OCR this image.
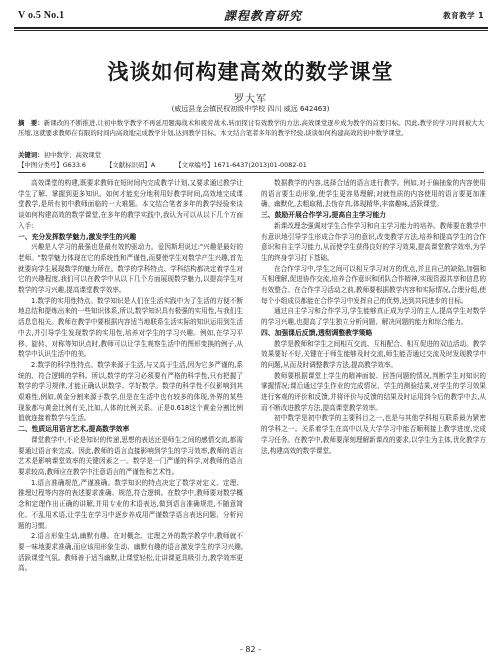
V o.5 No.1	課程教育研究	教育教学 1
浅谈如何构建高效的数学课堂
罗大军
(威远县龙会镇民权初级中学校 四川 威远 642463)
摘　要：新课改的不断推进,让初中数学教学不再延用题海战术和疲劳战术,转而探讨有效教学的方法,高效课堂逐步成为教学的首要目标。因此,教学的学习时间被大大压缩,这就要求教师在有限的时间内高效地完成教学计划,达到教学目标。本文结合笔者多年的教学经验,谈谈如何构建高效的初中数学课堂。
关键词：初中数学；高效课堂
【中图分类号】G633.6	【文献标识码】A	【文章编号】1671-6437(2013)01-0082-01

高效课堂的构建,既要求教师在短时间内完成教学计划,又要求通过教学让学生了解、掌握到更多知识。如何才能充分地利用好教学时间,高效地完成课堂教学,是所有初中教师面临的一大难题。本文结合笔者多年的教学经验来谈谈如何构建高效的数学课堂,在多年的教学实践中,我认为可以从以下几个方面入手:

一、充分发挥数学魅力,激发学生的兴趣

兴趣是人学习的最强也是最有效的驱动力。爱因斯坦说过:"兴趣是最好的老师。"数学魅力体现在它的系统性和严谨性,而要使学生对数学产生兴趣,首先就要向学生展现数学的魅力所在。数学的学科特点、学科结构都决定着学生对它的兴趣程度,我们可以在教学中从以下几个方面展现数学魅力,以提高学生对数学的学习兴趣,提高课堂教学效率。

1.数学的实用性特点。数学知识是人们在生活实践中为了生活的方便不断地总结和提炼出来的一些知识体系,所以,数学知识具有极强的实用性,与我们生活息息相关。教师在教学中要根据内容适当地联系生活实际的知识运用到生活中去,并引导学生发现数学的实用性,培养对学生的学习兴趣。例如,在学习平移、旋转、对称等知识点时,教师可以让学生观察生活中的图形变换的例子,从数学中认识生活中的美。

2.数学的科学性特点。数学来源于生活,与又高于生活,因为它多严谨的,系统的、符合逻辑的学科。所以,数学的学习必须要有严格的科学性,只有把握了数学的学习规律,才能正确认识数学、学好数学。数学的科学性不仅影响到其艰难性,例如,黄金分割来源于数学,但是在生活中也有较多的体现,外界的某些现象都与黄金比例有关,比如,人体的比例关系。正是0.618这个黄金分割比例值就连接着数学与生活。

二、性质运用语言艺术,提高数学效率

课堂教学中,不论是知识的传递,思想的表达还是师生之间的感情交流,都需要通过语言来完成。因此,教师的语言直接影响到学生的学习效率,教师的语言艺术是影响课堂效率的关键因素之一。数学是一门严谨的科学,对教师的语言要求较高,教师应在教学中注意语言的严谨性和艺术性。

1.语言准确规范,严谨准确。数学知识的特点决定了数学对定义、定理、推理过程等内容的表述要求准确、规范,符合逻辑。在数学中,教师要对数学概念和定理作出正确的讲解,并用专业的术语表达,做到语言准确规范,不随意简化、不乱用术语,让学生在学习中逐步养成用严谨数学语言表达问题、分析问题的习惯。

2.语言形象生动,幽默有趣。在对概念、定理之外的数学教学中,教师就不要一味地要求准确,而应该用形象生动、幽默有趣的语言激发学生的学习兴趣,活跃课堂气氛。教师善于适当幽默,让课堂轻松,让讲课更具吸引力,教学效率更高。

数据教学的内容,选择合适的语言进行教学。例如,对于偏抽象的内容使用的语言要生动形象,使学生更容易理解;对就性质的内容使用的语言要更加准确、幽默化,去粗取精,去伪存真,体现精华,丰富趣味,活跃课堂。

三、鼓励开展合作学习,提高自主学习能力

新课改理念强调对学生合作学习和自主学习能力的培养。教师要在教学中有意识地引导学生形成合作学习的意识,改变教学方法,培养和提高学生的合作意识和自主学习能力,从而使学生获得良好的学习效果,提高课堂教学效率,为学生的终身学习打下基础。

在合作学习中,学生之间可以相互学习对方的优点,并且自己的缺陷,加强和互相理解,促进协作交流,培养合作意识和团队合作精神,实现资源共享和信息的有效整合。在合作学习活动之前,教师要根据教学内容和实际情况,合理分组,使每个小组成员都能在合作学习中发挥自己的优势,达到共同进步的目标。

通过自主学习和合作学习,学生能够真正成为学习的主人,提高学生对数学的学习兴趣,也提高了学生独立分析问题、解决问题的能力和综合能力。

四、加强课后反馈,透彻调整教学策略

教学是教师和学生之间相互交流、互相配合、相互促进的双边活动。教学效果要好不好,关键在于师生能够及时交流,师生能否通过交流及时发现教学中的问题,从而及时调整教学方法,提高教学效率。

教师要根据课堂上学生的精神面貌、回答问题的情况,判断学生对知识的掌握情况;课后通过学生作业的完成情况、学生的测验结果,对学生的学习效果进行客观的评价和反馈,并将评价与反馈的结果及时运用到今后的教学中去,从而不断改进教学方法,提高课堂教学效率。

初中数学是初中教学的主要科目之一,也是与其他学科相互联系最为紧密的学科之一。关系着学生在高中以及大学学习中能否顺利接上教学进度,完成学习任务。在教学中,教师要深刻理解新课改的要求,以学生为主体,优化教学方法,构建高效的数学课堂。

- 82 -
